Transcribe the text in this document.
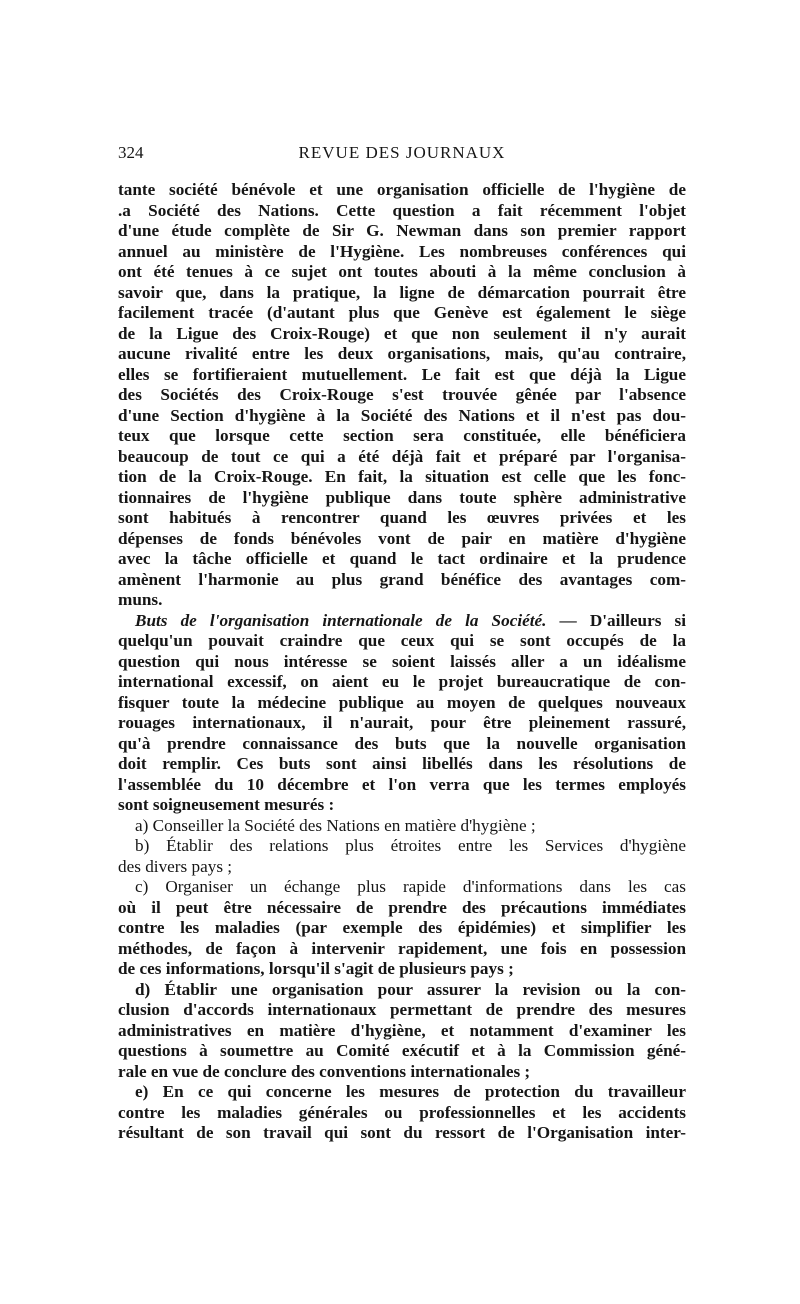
324	REVUE DES JOURNAUX
tante société bénévole et une organisation officielle de l'hygiène de
.a Société des Nations. Cette question a fait récemment l'objet
d'une étude complète de Sir G. Newman dans son premier rapport
annuel au ministère de l'Hygiène. Les nombreuses conférences qui
ont été tenues à ce sujet ont toutes abouti à la même conclusion à
savoir que, dans la pratique, la ligne de démarcation pourrait être
facilement tracée (d'autant plus que Genève est également le siège
de la Ligue des Croix-Rouge) et que non seulement il n'y aurait
aucune rivalité entre les deux organisations, mais, qu'au contraire,
elles se fortifieraient mutuellement. Le fait est que déjà la Ligue
des Sociétés des Croix-Rouge s'est trouvée gênée par l'absence
d'une Section d'hygiène à la Société des Nations et il n'est pas dou-
teux que lorsque cette section sera constituée, elle bénéficiera
beaucoup de tout ce qui a été déjà fait et préparé par l'organisa-
tion de la Croix-Rouge. En fait, la situation est celle que les fonc-
tionnaires de l'hygiène publique dans toute sphère administrative
sont habitués à rencontrer quand les œuvres privées et les
dépenses de fonds bénévoles vont de pair en matière d'hygiène
avec la tâche officielle et quand le tact ordinaire et la prudence
amènent l'harmonie au plus grand bénéfice des avantages com-
muns.
Buts de l'organisation internationale de la Société. — D'ailleurs si
quelqu'un pouvait craindre que ceux qui se sont occupés de la
question qui nous intéresse se soient laissés aller a un idéalisme
international excessif, on aient eu le projet bureaucratique de con-
fisquer toute la médecine publique au moyen de quelques nouveaux
rouages internationaux, il n'aurait, pour être pleinement rassuré,
qu'à prendre connaissance des buts que la nouvelle organisation
doit remplir. Ces buts sont ainsi libellés dans les résolutions de
l'assemblée du 10 décembre et l'on verra que les termes employés
sont soigneusement mesurés :
a) Conseiller la Société des Nations en matière d'hygiène ;
b) Établir des relations plus étroites entre les Services d'hygiène
des divers pays ;
c) Organiser un échange plus rapide d'informations dans les cas
où il peut être nécessaire de prendre des précautions immédiates
contre les maladies (par exemple des épidémies) et simplifier les
méthodes, de façon à intervenir rapidement, une fois en possession
de ces informations, lorsqu'il s'agit de plusieurs pays ;
d) Établir une organisation pour assurer la revision ou la con-
clusion d'accords internationaux permettant de prendre des mesures
administratives en matière d'hygiène, et notamment d'examiner les
questions à soumettre au Comité exécutif et à la Commission géné-
rale en vue de conclure des conventions internationales ;
e) En ce qui concerne les mesures de protection du travailleur
contre les maladies générales ou professionnelles et les accidents
résultant de son travail qui sont du ressort de l'Organisation inter-
